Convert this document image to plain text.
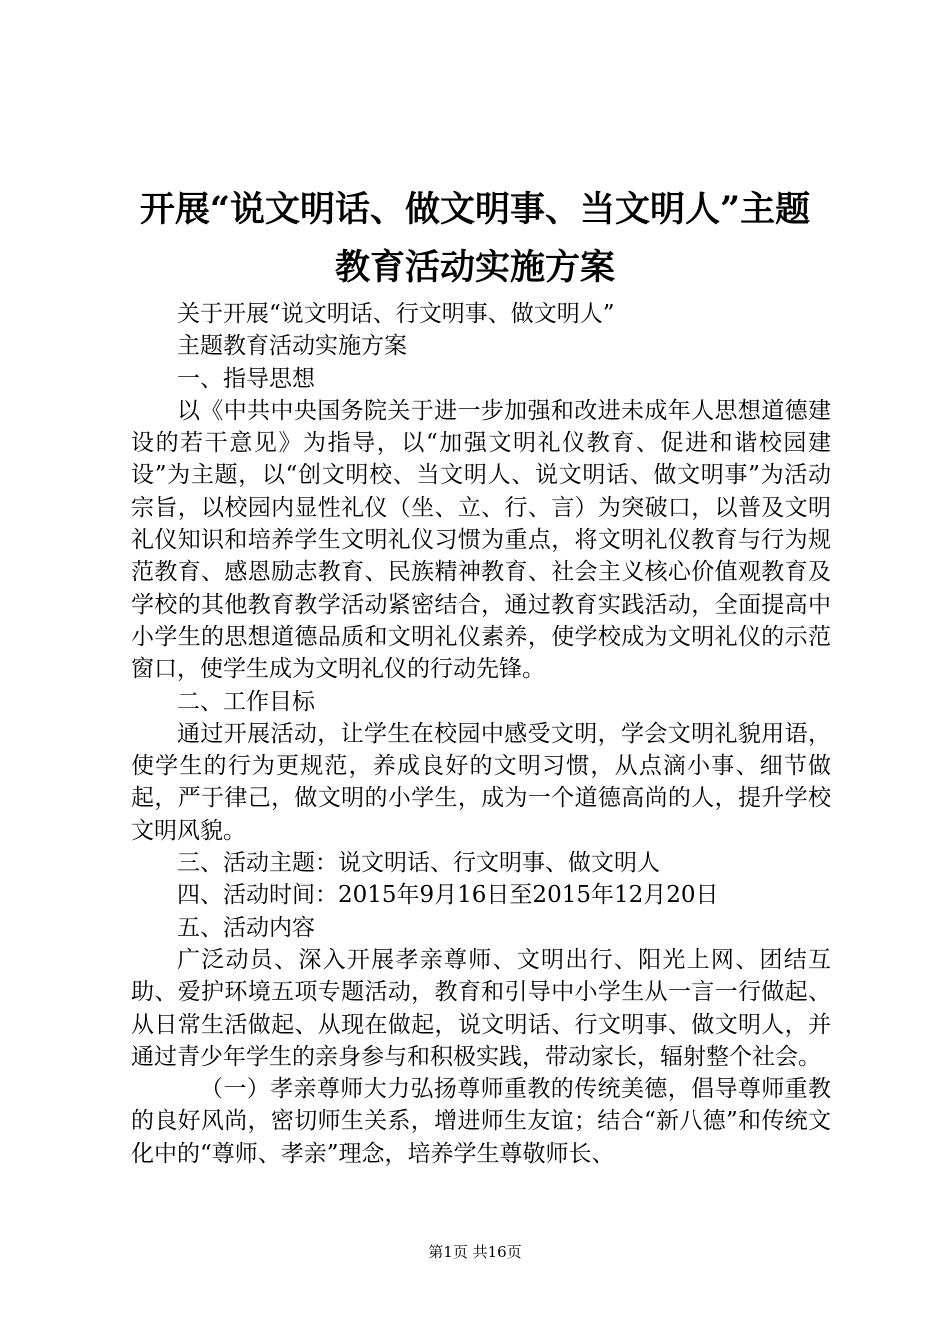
开展“说文明话、做文明事、当文明人”主题
教育活动实施方案

关于开展“说文明话、行文明事、做文明人”

主题教育活动实施方案

一、指导思想

以《中共中央国务院关于进一步加强和改进未成年人思想道德建设的若干意见》为指导，以“加强文明礼仪教育、促进和谐校园建设”为主题，以“创文明校、当文明人、说文明话、做文明事”为活动宗旨，以校园内显性礼仪（坐、立、行、言）为突破口，以普及文明礼仪知识和培养学生文明礼仪习惯为重点，将文明礼仪教育与行为规范教育、感恩励志教育、民族精神教育、社会主义核心价值观教育及学校的其他教育教学活动紧密结合，通过教育实践活动，全面提高中小学生的思想道德品质和文明礼仪素养，使学校成为文明礼仪的示范窗口，使学生成为文明礼仪的行动先锋。

二、工作目标

通过开展活动，让学生在校园中感受文明，学会文明礼貌用语，使学生的行为更规范，养成良好的文明习惯，从点滴小事、细节做起，严于律己，做文明的小学生，成为一个道德高尚的人，提升学校文明风貌。

三、活动主题：说文明话、行文明事、做文明人

四、活动时间：2015年9月16日至2015年12月20日

五、活动内容

广泛动员、深入开展孝亲尊师、文明出行、阳光上网、团结互助、爱护环境五项专题活动，教育和引导中小学生从一言一行做起、从日常生活做起、从现在做起，说文明话、行文明事、做文明人，并通过青少年学生的亲身参与和积极实践，带动家长，辐射整个社会。

（一）孝亲尊师大力弘扬尊师重教的传统美德，倡导尊师重教的良好风尚，密切师生关系，增进师生友谊；结合“新八德”和传统文化中的“尊师、孝亲”理念，培养学生尊敬师长、

第1页 共16页
